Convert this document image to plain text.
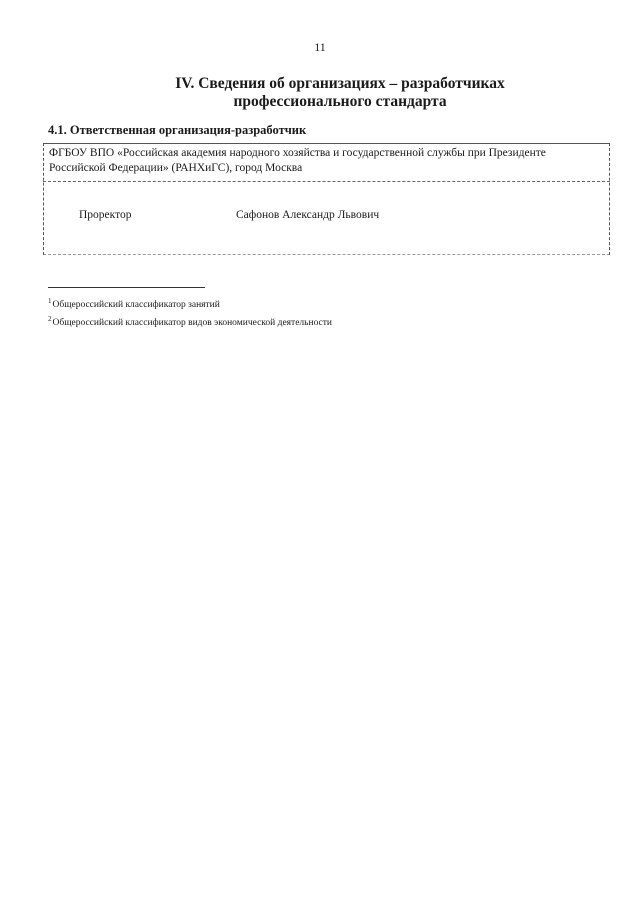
11
IV. Сведения об организациях – разработчиках
профессионального стандарта
4.1. Ответственная организация-разработчик
ФГБОУ ВПО «Российская академия народного хозяйства и государственной службы при Президенте
Российской Федерации» (РАНХиГС), город Москва
Проректор	Сафонов Александр Львович
$^1$Общероссийский классификатор занятий
$^2$Общероссийский классификатор видов экономической деятельности
